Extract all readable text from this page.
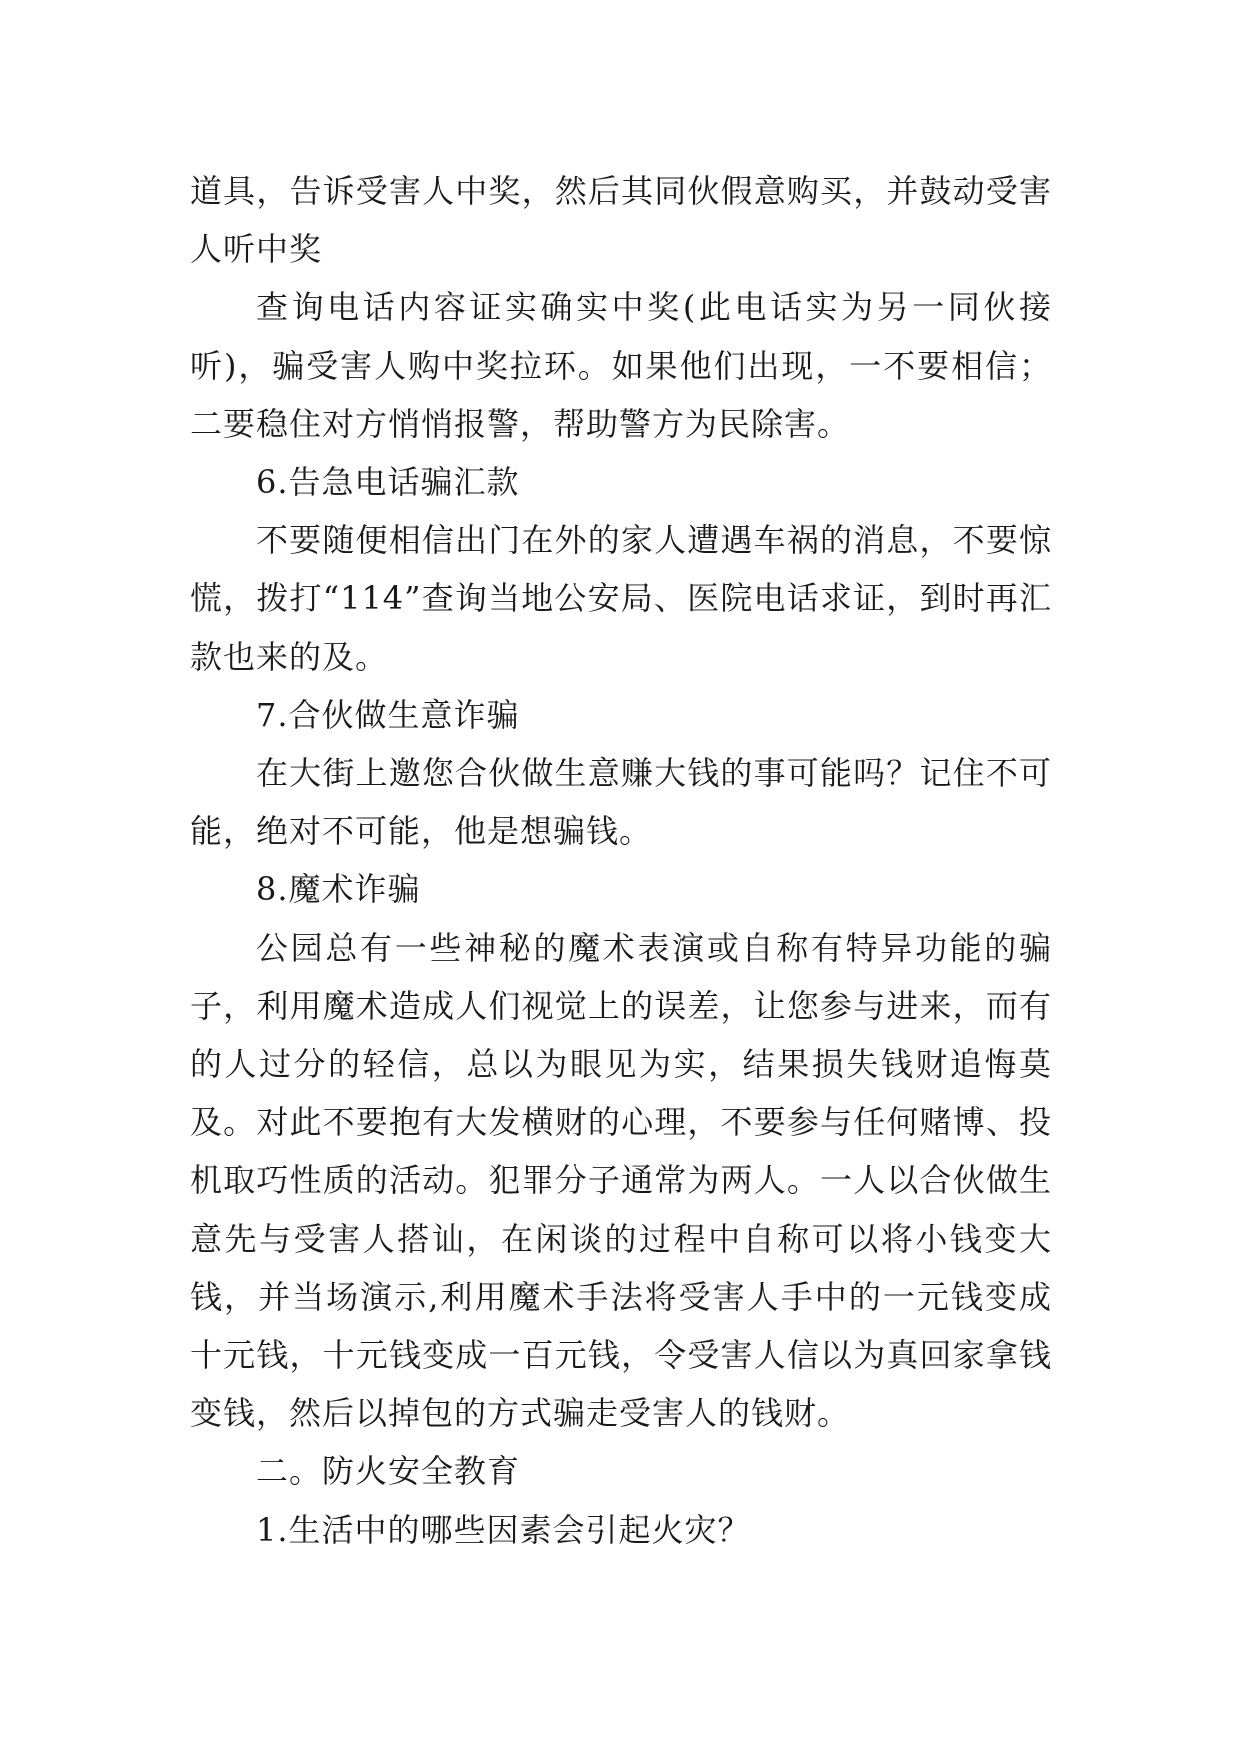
道具，告诉受害人中奖，然后其同伙假意购买，并鼓动受害人听中奖

查询电话内容证实确实中奖(此电话实为另一同伙接听)，骗受害人购中奖拉环。如果他们出现，一不要相信；二要稳住对方悄悄报警，帮助警方为民除害。

6.告急电话骗汇款

不要随便相信出门在外的家人遭遇车祸的消息，不要惊慌，拨打“114”查询当地公安局、医院电话求证，到时再汇款也来的及。

7.合伙做生意诈骗

在大街上邀您合伙做生意赚大钱的事可能吗？记住不可能，绝对不可能，他是想骗钱。

8.魔术诈骗

公园总有一些神秘的魔术表演或自称有特异功能的骗子，利用魔术造成人们视觉上的误差，让您参与进来，而有的人过分的轻信，总以为眼见为实，结果损失钱财追悔莫及。对此不要抱有大发横财的心理，不要参与任何赌博、投机取巧性质的活动。犯罪分子通常为两人。一人以合伙做生意先与受害人搭讪，在闲谈的过程中自称可以将小钱变大钱，并当场演示,利用魔术手法将受害人手中的一元钱变成十元钱，十元钱变成一百元钱，令受害人信以为真回家拿钱变钱，然后以掉包的方式骗走受害人的钱财。

二。防火安全教育

1.生活中的哪些因素会引起火灾？
